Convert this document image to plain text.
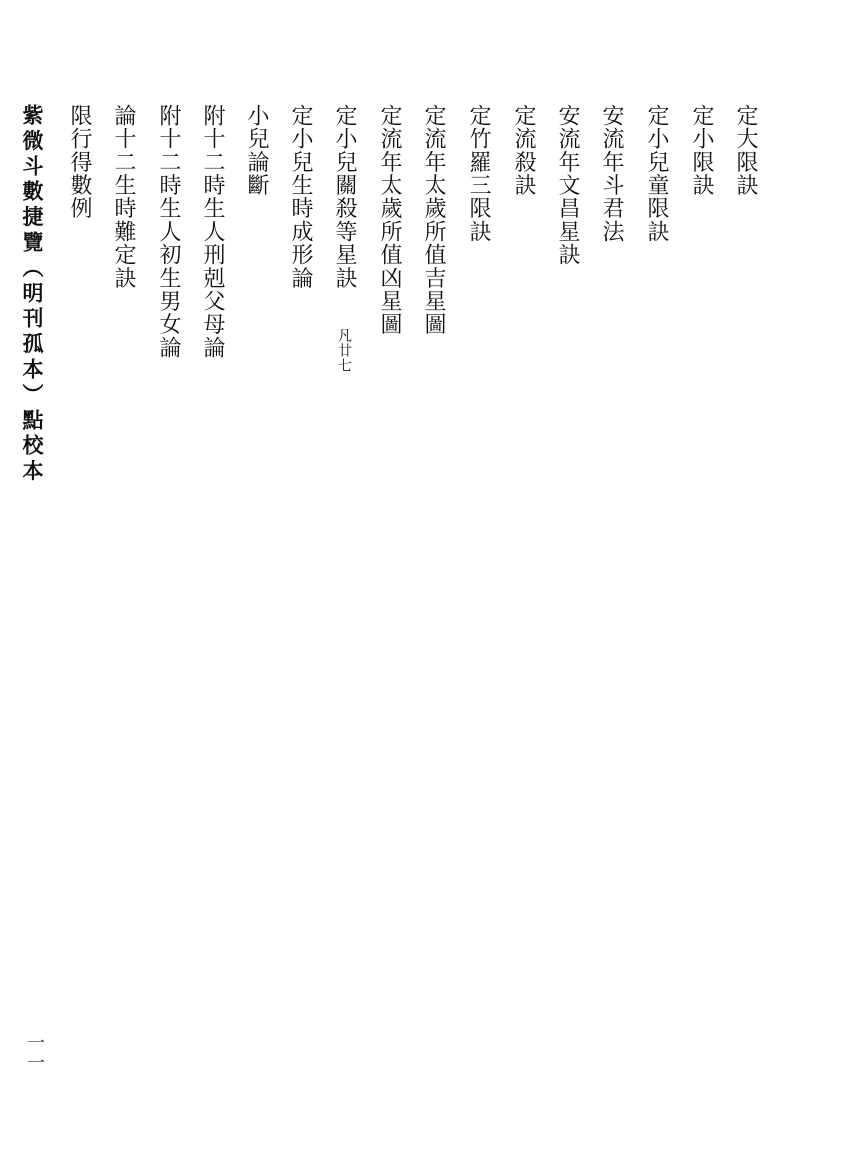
定大限訣
定小限訣
定小兒童限訣
安流年斗君法
安流年文昌星訣
定流殺訣
定竹羅三限訣
定流年太歲所值吉星圖
定流年太歲所值凶星圖
定小兒關殺等星訣 凡廿七
定小兒生時成形論
小兒論斷
附十二時生人刑剋父母論
附十二時生人初生男女論
論十二生時難定訣
限行得數例
紫微斗數捷覽（明刊孤本）點校本
一一
